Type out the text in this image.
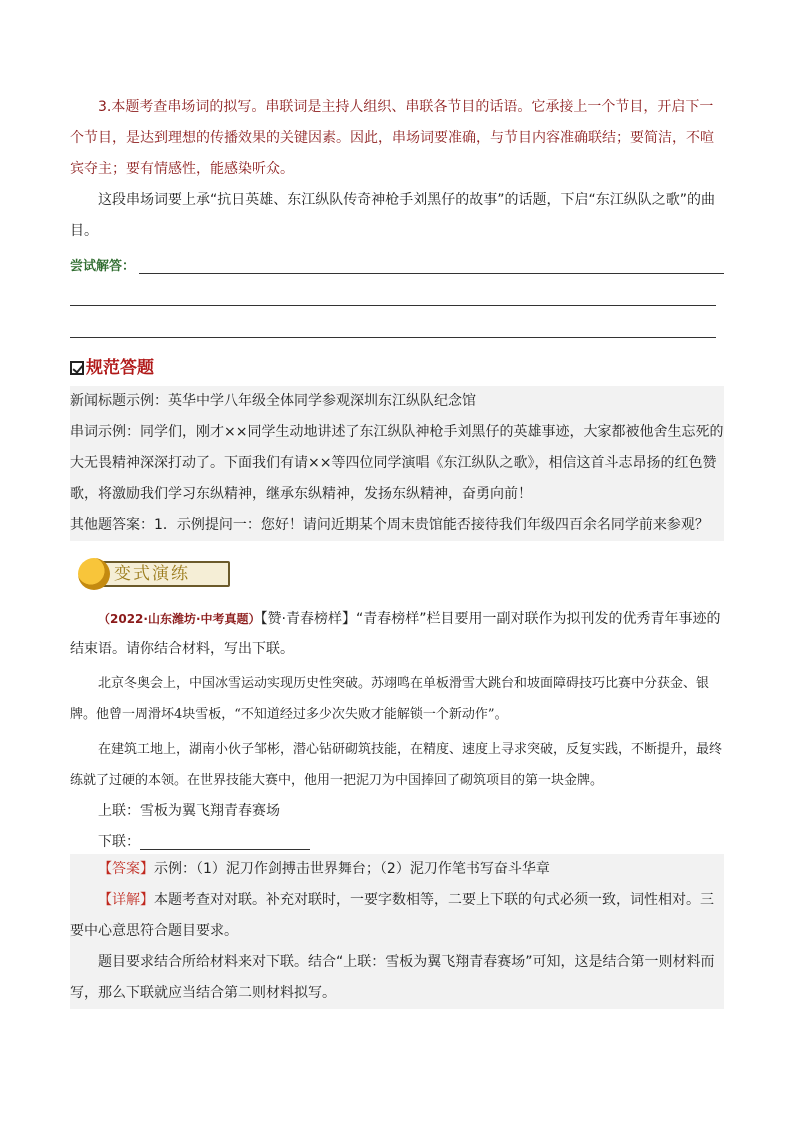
3.本题考查串场词的拟写。串联词是主持人组织、串联各节目的话语。它承接上一个节目，开启下一个节目，是达到理想的传播效果的关键因素。因此，串场词要准确，与节目内容准确联结；要简洁，不喧宾夺主；要有情感性，能感染听众。

这段串场词要上承“抗日英雄、东江纵队传奇神枪手刘黑仔的故事”的话题，下启“东江纵队之歌”的曲目。

尝试解答：
规范答题

新闻标题示例：英华中学八年级全体同学参观深圳东江纵队纪念馆

串词示例：同学们，刚才××同学生动地讲述了东江纵队神枪手刘黑仔的英雄事迹，大家都被他舍生忘死的大无畏精神深深打动了。下面我们有请××等四位同学演唱《东江纵队之歌》，相信这首斗志昂扬的红色赞歌，将激励我们学习东纵精神，继承东纵精神，发扬东纵精神，奋勇向前！

其他题答案：1．示例提问一：您好！请问近期某个周末贵馆能否接待我们年级四百余名同学前来参观？

变式演练

（2022·山东潍坊·中考真题）【赞·青春榜样】“青春榜样”栏目要用一副对联作为拟刊发的优秀青年事迹的结束语。请你结合材料，写出下联。

北京冬奥会上，中国冰雪运动实现历史性突破。苏翊鸣在单板滑雪大跳台和坡面障碍技巧比赛中分获金、银牌。他曾一周滑坏4块雪板，“不知道经过多少次失败才能解锁一个新动作”。

在建筑工地上，湖南小伙子邹彬，潜心钻研砌筑技能，在精度、速度上寻求突破，反复实践，不断提升，最终练就了过硬的本领。在世界技能大赛中，他用一把泥刀为中国捧回了砌筑项目的第一块金牌。

上联：雪板为翼飞翔青春赛场

下联：

【答案】示例：（1）泥刀作剑搏击世界舞台；（2）泥刀作笔书写奋斗华章

【详解】本题考查对对联。补充对联时，一要字数相等，二要上下联的句式必须一致，词性相对。三要中心意思符合题目要求。

题目要求结合所给材料来对下联。结合“上联：雪板为翼飞翔青春赛场”可知，这是结合第一则材料而写，那么下联就应当结合第二则材料拟写。
